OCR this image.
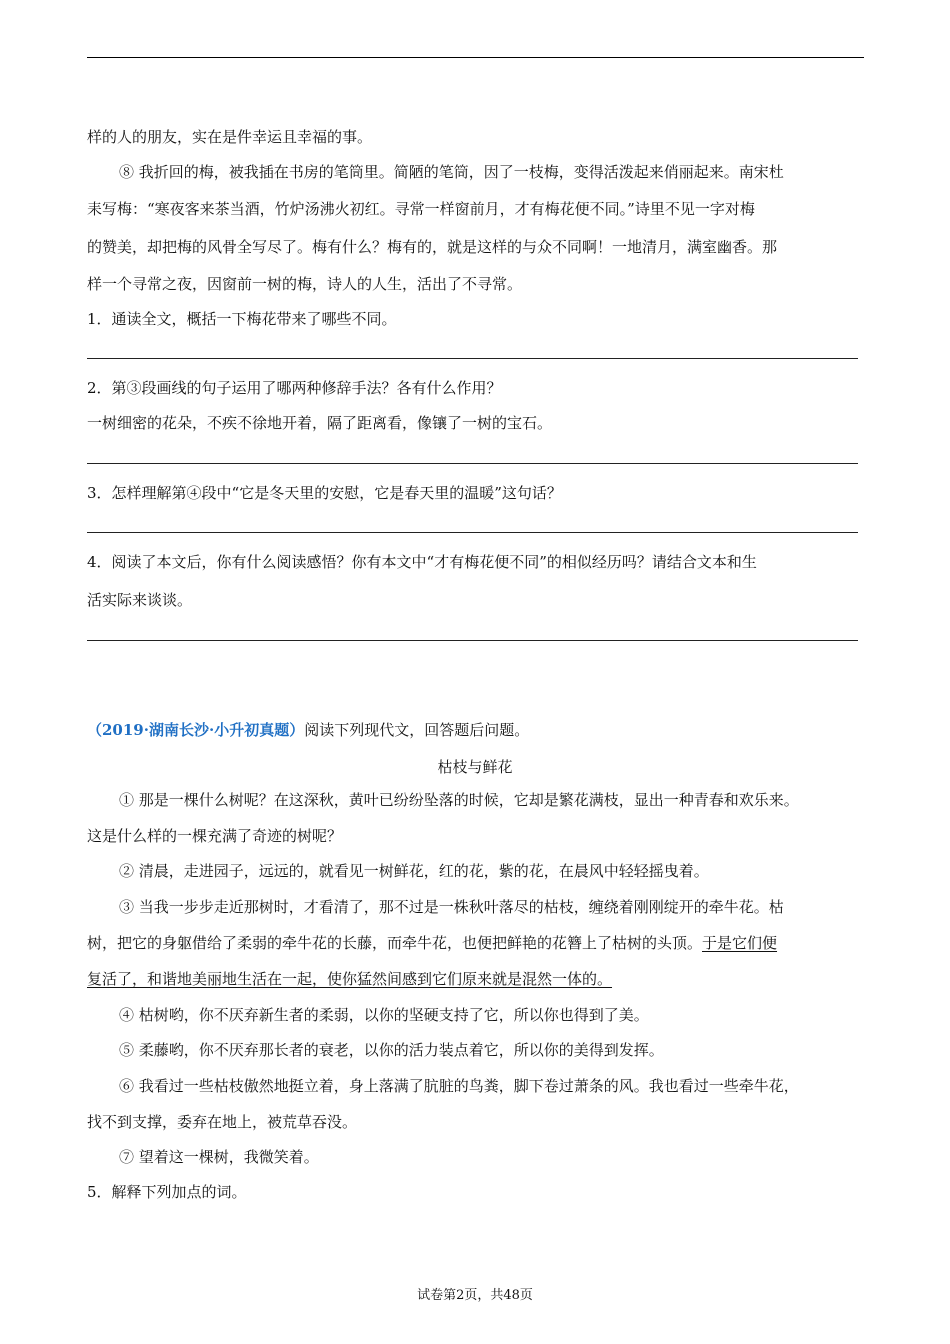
样的人的朋友，实在是件幸运且幸福的事。
⑧ 我折回的梅，被我插在书房的笔筒里。简陋的笔筒，因了一枝梅，变得活泼起来俏丽起来。南宋杜
耒写梅：“寒夜客来茶当酒，竹炉汤沸火初红。寻常一样窗前月，才有梅花便不同。”诗里不见一字对梅
的赞美，却把梅的风骨全写尽了。梅有什么？梅有的，就是这样的与众不同啊！一地清月，满室幽香。那
样一个寻常之夜，因窗前一树的梅，诗人的人生，活出了不寻常。
1．通读全文，概括一下梅花带来了哪些不同。
2．第③段画线的句子运用了哪两种修辞手法？各有什么作用？
一树细密的花朵，不疾不徐地开着，隔了距离看，像镶了一树的宝石。
3．怎样理解第④段中“它是冬天里的安慰，它是春天里的温暖”这句话？
4．阅读了本文后，你有什么阅读感悟？你有本文中“才有梅花便不同”的相似经历吗？请结合文本和生
活实际来谈谈。
（2019·湖南长沙·小升初真题）阅读下列现代文，回答题后问题。
枯枝与鲜花
① 那是一棵什么树呢？在这深秋，黄叶已纷纷坠落的时候，它却是繁花满枝，显出一种青春和欢乐来。
这是什么样的一棵充满了奇迹的树呢？
② 清晨，走进园子，远远的，就看见一树鲜花，红的花，紫的花，在晨风中轻轻摇曳着。
③ 当我一步步走近那树时，才看清了，那不过是一株秋叶落尽的枯枝，缠绕着刚刚绽开的牵牛花。枯
树，把它的身躯借给了柔弱的牵牛花的长藤，而牵牛花，也便把鲜艳的花簪上了枯树的头顶。于是它们便
复活了，和谐地美丽地生活在一起，使你猛然间感到它们原来就是混然一体的。
④ 枯树哟，你不厌弃新生者的柔弱，以你的坚硬支持了它，所以你也得到了美。
⑤ 柔藤哟，你不厌弃那长者的衰老，以你的活力装点着它，所以你的美得到发挥。
⑥ 我看过一些枯枝傲然地挺立着，身上落满了肮脏的鸟粪，脚下卷过萧条的风。我也看过一些牵牛花，
找不到支撑，委弃在地上，被荒草吞没。
⑦ 望着这一棵树，我微笑着。
5．解释下列加点的词。
试卷第2页，共48页
